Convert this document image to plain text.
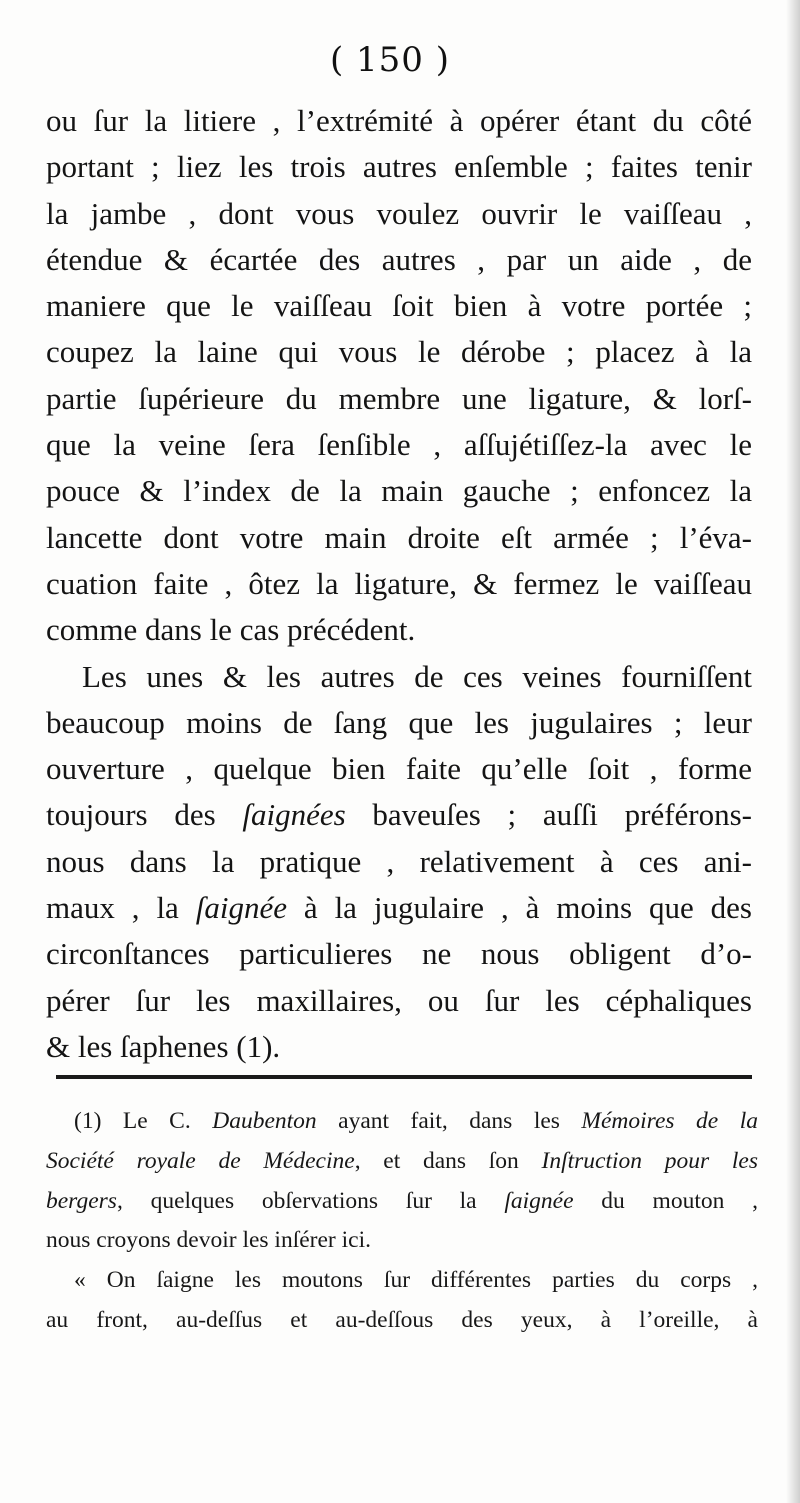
( 150 )
ou ſur la litiere , l’extrémité à opérer étant du côté
portant ; liez les trois autres enſemble ; faites tenir
la jambe , dont vous voulez ouvrir le vaiſſeau ,
étendue & écartée des autres , par un aide , de
maniere que le vaiſſeau ſoit bien à votre portée ;
coupez la laine qui vous le dérobe ; placez à la
partie ſupérieure du membre une ligature, & lorſ-
que la veine ſera ſenſible , aſſujétiſſez-la avec le
pouce & l’index de la main gauche ; enfoncez la
lancette dont votre main droite eſt armée ; l’éva-
cuation faite , ôtez la ligature, & fermez le vaiſſeau
comme dans le cas précédent.
Les unes & les autres de ces veines fourniſſent
beaucoup moins de ſang que les jugulaires ; leur
ouverture , quelque bien faite qu’elle ſoit , forme
toujours des ſaignées baveuſes ; auſſi préférons-
nous dans la pratique , relativement à ces ani-
maux , la ſaignée à la jugulaire , à moins que des
circonſtances particulieres ne nous obligent d’o-
pérer ſur les maxillaires, ou ſur les céphaliques
& les ſaphenes (1).
(1) Le C. Daubenton ayant fait, dans les Mémoires de la
Société royale de Médecine, et dans ſon Inſtruction pour les
bergers, quelques obſervations ſur la ſaignée du mouton ,
nous croyons devoir les inſérer ici.
« On ſaigne les moutons ſur différentes parties du corps ,
au front, au-deſſus et au-deſſous des yeux, à l’oreille, à
